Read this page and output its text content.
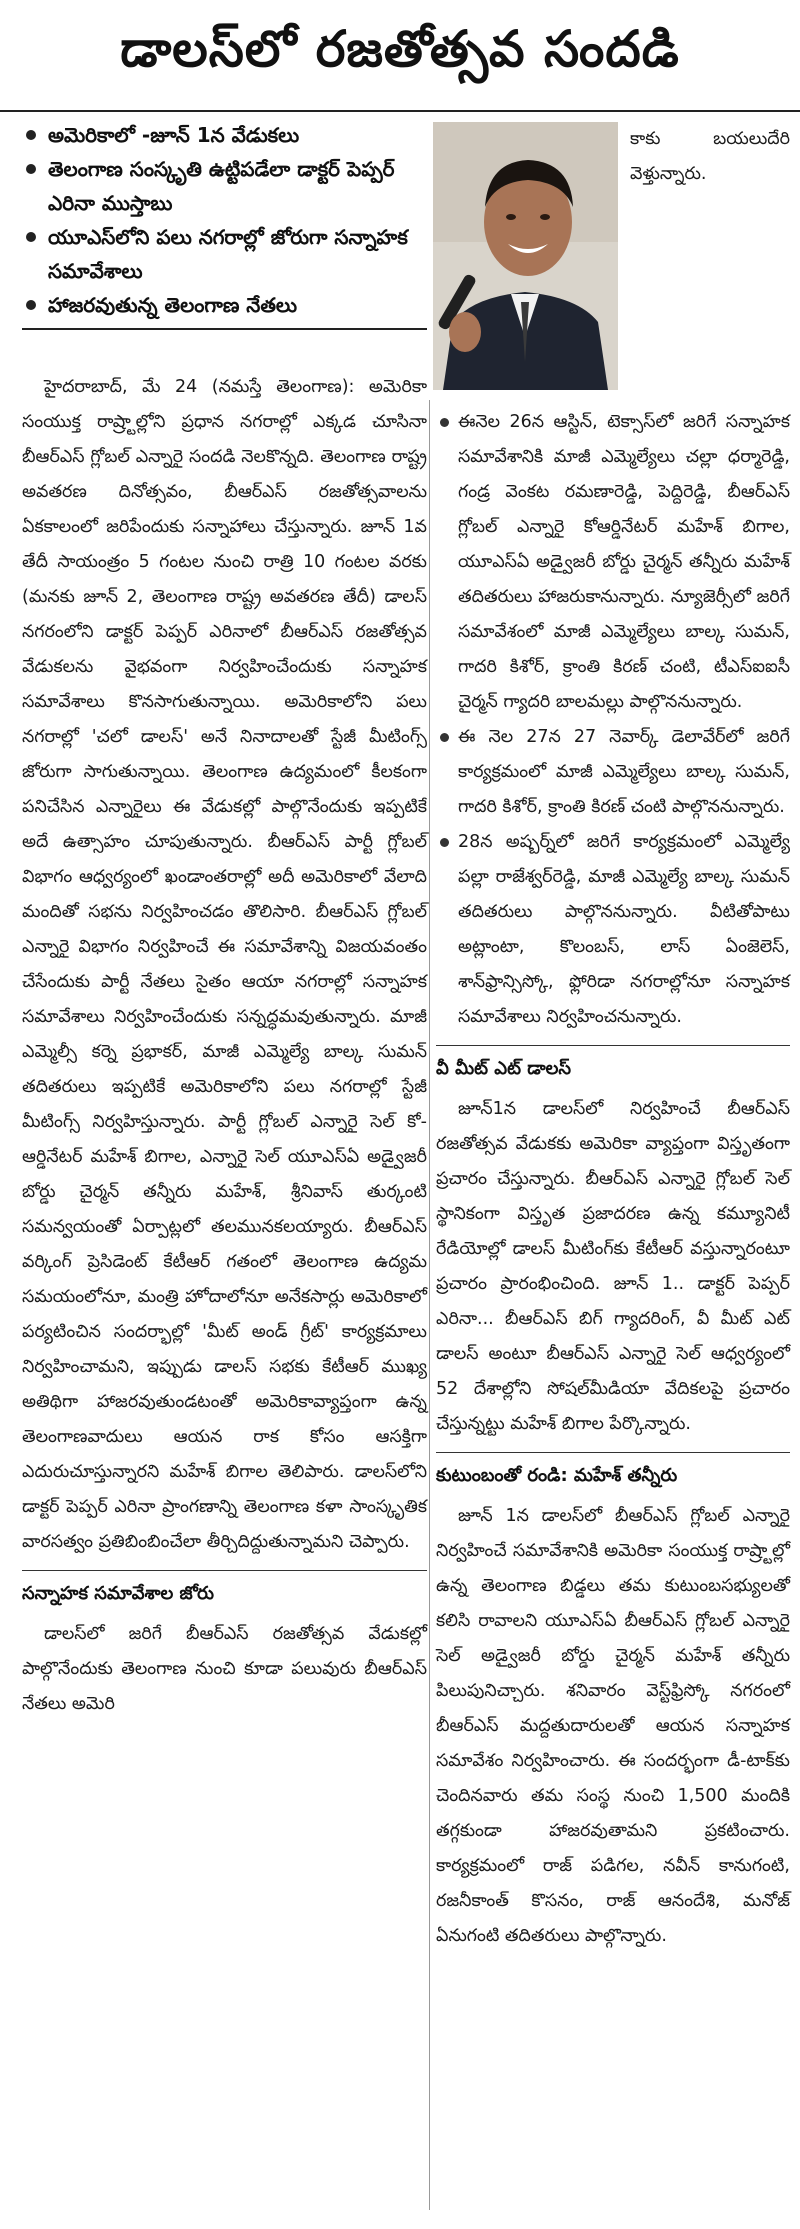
డాలస్‌లో రజతోత్సవ సందడి
అమెరికాలో -జూన్ 1న వేడుకలు
తెలంగాణ సంస్కృతి ఉట్టిపడేలా డాక్టర్ పెప్పర్ ఎరినా ముస్తాబు
యూఎస్‌లోని పలు నగరాల్లో జోరుగా సన్నాహక సమావేశాలు
హాజరవుతున్న తెలంగాణ నేతలు

హైదరాబాద్, మే 24 (నమస్తే తెలంగాణ): అమెరికా సంయుక్త రాష్ర్టాల్లోని ప్రధాన నగరాల్లో ఎక్కడ చూసినా బీఆర్‌ఎస్ గ్లోబల్ ఎన్నారై సందడి నెలకొన్నది. తెలంగాణ రాష్ట్ర అవతరణ దినోత్సవం, బీఆర్‌ఎస్ రజతోత్సవాలను ఏకకాలంలో జరిపేందుకు సన్నాహాలు చేస్తున్నారు. జూన్ 1వ తేదీ సాయంత్రం 5 గంటల నుంచి రాత్రి 10 గంటల వరకు (మనకు జూన్ 2, తెలంగాణ రాష్ట్ర అవతరణ తేదీ) డాలస్ నగరంలోని డాక్టర్ పెప్పర్ ఎరినాలో బీఆర్‌ఎస్ రజతోత్సవ వేడుకలను వైభవంగా నిర్వహించేందుకు సన్నాహక సమావేశాలు కొనసాగుతున్నాయి. అమెరికాలోని పలు నగరాల్లో 'చలో డాలస్' అనే నినాదాలతో స్టేజీ మీటింగ్స్ జోరుగా సాగుతున్నాయి. తెలంగాణ ఉద్యమంలో కీలకంగా పనిచేసిన ఎన్నారైలు ఈ వేడుకల్లో పాల్గొనేందుకు ఇప్పటికే అదే ఉత్సాహం చూపుతున్నారు. బీఆర్‌ఎస్ పార్టీ గ్లోబల్ విభాగం ఆధ్వర్యంలో ఖండాంతరాల్లో అదీ అమెరికాలో వేలాది మందితో సభను నిర్వహించడం తొలిసారి. బీఆర్‌ఎస్ గ్లోబల్ ఎన్నారై విభాగం నిర్వహించే ఈ సమావేశాన్ని విజయవంతం చేసేందుకు పార్టీ నేతలు సైతం ఆయా నగరాల్లో సన్నాహక సమావేశాలు నిర్వహించేందుకు సన్నద్ధమవుతున్నారు. మాజీ ఎమ్మెల్సీ కర్నె ప్రభాకర్, మాజీ ఎమ్మెల్యే బాల్క సుమన్ తదితరులు ఇప్పటికే అమెరికాలోని పలు నగరాల్లో స్టేజీ మీటింగ్స్ నిర్వహిస్తున్నారు. పార్టీ గ్లోబల్ ఎన్నారై సెల్ కో-ఆర్డినేటర్ మహేశ్ బిగాల, ఎన్నారై సెల్ యూఎస్‌ఏ అడ్వైజరీ బోర్డు చైర్మన్ తన్నీరు మహేశ్, శ్రీనివాస్ తుర్కంటి సమన్వయంతో ఏర్పాట్లలో తలమునకలయ్యారు. బీఆర్‌ఎస్ వర్కింగ్ ప్రెసిడెంట్ కేటీఆర్ గతంలో తెలంగాణ ఉద్యమ సమయంలోనూ, మంత్రి హోదాలోనూ అనేకసార్లు అమెరికాలో పర్యటించిన సందర్భాల్లో 'మీట్ అండ్ గ్రీట్' కార్యక్రమాలు నిర్వహించామని, ఇప్పుడు డాలస్ సభకు కేటీఆర్ ముఖ్య అతిథిగా హాజరవుతుండటంతో అమెరికావ్యాప్తంగా ఉన్న తెలంగాణవాదులు ఆయన రాక కోసం ఆసక్తిగా ఎదురుచూస్తున్నారని మహేశ్ బిగాల తెలిపారు. డాలస్‌లోని డాక్టర్ పెప్పర్ ఎరినా ప్రాంగణాన్ని తెలంగాణ కళా సాంస్కృతిక వారసత్వం ప్రతిబింబించేలా తీర్చిదిద్దుతున్నామని చెప్పారు.

సన్నాహక సమావేశాల జోరు

డాలస్‌లో జరిగే బీఆర్‌ఎస్ రజతోత్సవ వేడుకల్లో పాల్గొనేందుకు తెలంగాణ నుంచి కూడా పలువురు బీఆర్‌ఎస్ నేతలు అమెరి

కాకు బయలుదేరి వెళ్తున్నారు.

ఈనెల 26న ఆస్టిన్, టెక్సాస్‌లో జరిగే సన్నాహక సమావేశానికి మాజీ ఎమ్మెల్యేలు చల్లా ధర్మారెడ్డి, గండ్ర వెంకట రమణారెడ్డి, పెద్దిరెడ్డి, బీఆర్‌ఎస్ గ్లోబల్ ఎన్నారై కోఆర్డినేటర్ మహేశ్ బిగాల, యూఎస్‌ఏ అడ్వైజరీ బోర్డు చైర్మన్ తన్నీరు మహేశ్ తదితరులు హాజరుకానున్నారు. న్యూజెర్సీలో జరిగే సమావేశంలో మాజీ ఎమ్మెల్యేలు బాల్క సుమన్, గాదరి కిశోర్, క్రాంతి కిరణ్ చంటి, టీఎస్‌ఐఐసీ చైర్మన్ గ్యాదరి బాలమల్లు పాల్గొననున్నారు.

ఈ నెల 27న 27 నెవార్క్ డెలావేర్‌లో జరిగే కార్యక్రమంలో మాజీ ఎమ్మెల్యేలు బాల్క సుమన్, గాదరి కిశోర్, క్రాంతి కిరణ్ చంటి పాల్గొననున్నారు.

28న అష్బర్న్‌లో జరిగే కార్యక్రమంలో ఎమ్మెల్యే పల్లా రాజేశ్వర్‌రెడ్డి, మాజీ ఎమ్మెల్యే బాల్క సుమన్ తదితరులు పాల్గొననున్నారు. వీటితోపాటు అట్లాంటా, కొలంబస్, లాస్ ఏంజెలెస్, శాన్‌ఫ్రాన్సిస్కో, ఫ్లోరిడా నగరాల్లోనూ సన్నాహక సమావేశాలు నిర్వహించనున్నారు.

వీ మీట్ ఎట్ డాలస్

జూన్1న డాలస్‌లో నిర్వహించే బీఆర్‌ఎస్ రజతోత్సవ వేడుకకు అమెరికా వ్యాప్తంగా విస్తృతంగా ప్రచారం చేస్తున్నారు. బీఆర్‌ఎస్ ఎన్నారై గ్లోబల్ సెల్ స్థానికంగా విస్తృత ప్రజాదరణ ఉన్న కమ్యూనిటీ రేడియోల్లో డాలస్ మీటింగ్‌కు కేటీఆర్ వస్తున్నారంటూ ప్రచారం ప్రారంభించింది. జూన్ 1.. డాక్టర్ పెప్పర్ ఎరినా... బీఆర్‌ఎస్ బిగ్ గ్యాదరింగ్, వీ మీట్ ఎట్ డాలస్ అంటూ బీఆర్‌ఎస్ ఎన్నారై సెల్ ఆధ్వర్యంలో 52 దేశాల్లోని సోషల్‌మీడియా వేదికలపై ప్రచారం చేస్తున్నట్టు మహేశ్ బిగాల పేర్కొన్నారు.

కుటుంబంతో రండి: మహేశ్ తన్నీరు

జూన్ 1న డాలస్‌లో బీఆర్‌ఎస్ గ్లోబల్ ఎన్నారై నిర్వహించే సమావేశానికి అమెరికా సంయుక్త రాష్ర్టాల్లో ఉన్న తెలంగాణ బిడ్డలు తమ కుటుంబసభ్యులతో కలిసి రావాలని యూఎస్‌ఏ బీఆర్‌ఎస్ గ్లోబల్ ఎన్నారై సెల్ అడ్వైజరీ బోర్డు చైర్మన్ మహేశ్ తన్నీరు పిలుపునిచ్చారు. శనివారం వెస్ట్‌ఫ్రిస్కో నగరంలో బీఆర్‌ఎస్ మద్దతుదారులతో ఆయన సన్నాహక సమావేశం నిర్వహించారు. ఈ సందర్భంగా డీ-టాక్‌కు చెందినవారు తమ సంస్థ నుంచి 1,500 మందికి తగ్గకుండా హాజరవుతామని ప్రకటించారు. కార్యక్రమంలో రాజ్ పడిగల, నవీన్ కానుగంటి, రజనీకాంత్ కొసనం, రాజ్ ఆనందేశి, మనోజ్ ఏనుగంటి తదితరులు పాల్గొన్నారు.
